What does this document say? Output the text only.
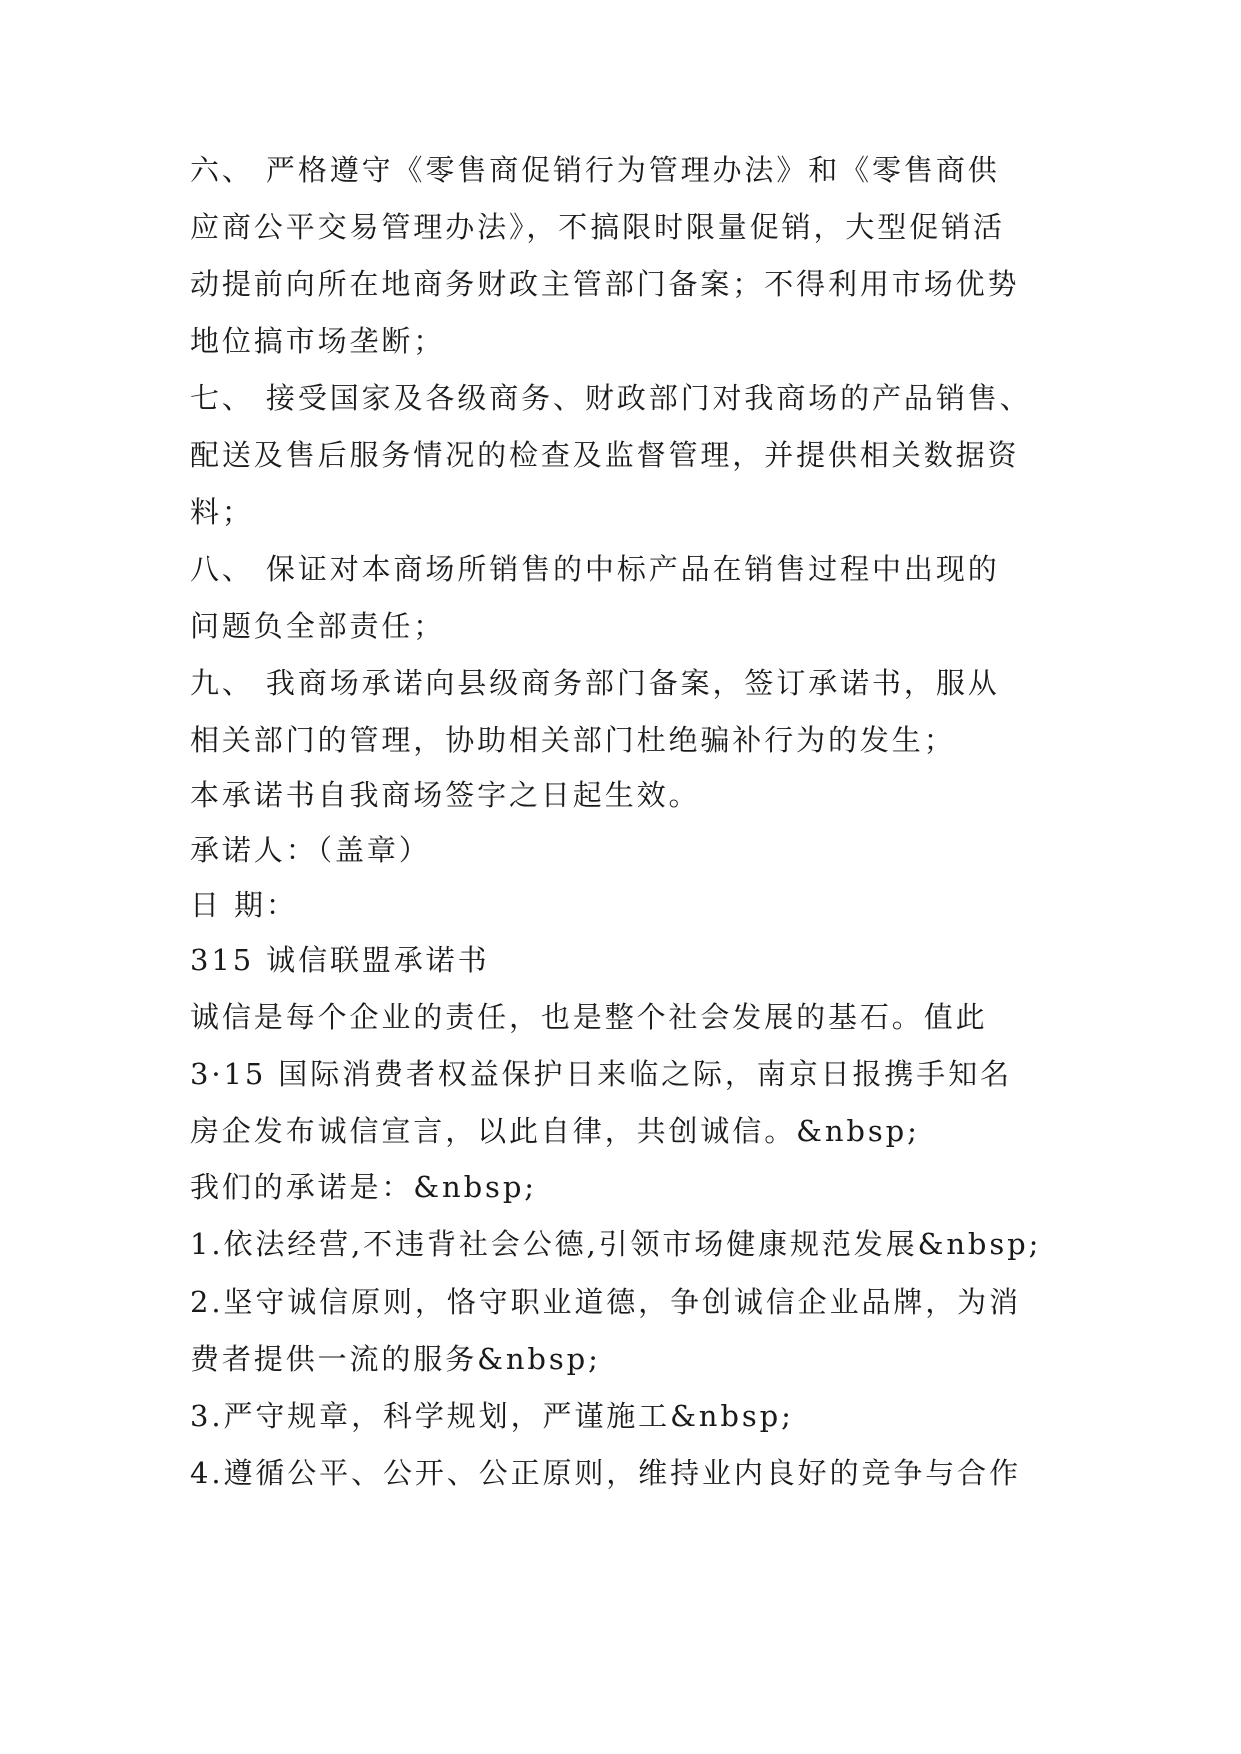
六、 严格遵守《零售商促销行为管理办法》和《零售商供

应商公平交易管理办法》，不搞限时限量促销，大型促销活

动提前向所在地商务财政主管部门备案；不得利用市场优势

地位搞市场垄断；

七、 接受国家及各级商务、财政部门对我商场的产品销售、

配送及售后服务情况的检查及监督管理，并提供相关数据资

料；

八、 保证对本商场所销售的中标产品在销售过程中出现的

问题负全部责任；

九、 我商场承诺向县级商务部门备案，签订承诺书，服从

相关部门的管理，协助相关部门杜绝骗补行为的发生；

本承诺书自我商场签字之日起生效。

承诺人：（盖章）

日 期：

315 诚信联盟承诺书

诚信是每个企业的责任，也是整个社会发展的基石。值此

3·15 国际消费者权益保护日来临之际，南京日报携手知名

房企发布诚信宣言，以此自律，共创诚信。&nbsp;

我们的承诺是：&nbsp;

1.依法经营,不违背社会公德,引领市场健康规范发展&nbsp;

2.坚守诚信原则，恪守职业道德，争创诚信企业品牌，为消

费者提供一流的服务&nbsp;

3.严守规章，科学规划，严谨施工&nbsp;

4.遵循公平、公开、公正原则，维持业内良好的竞争与合作
